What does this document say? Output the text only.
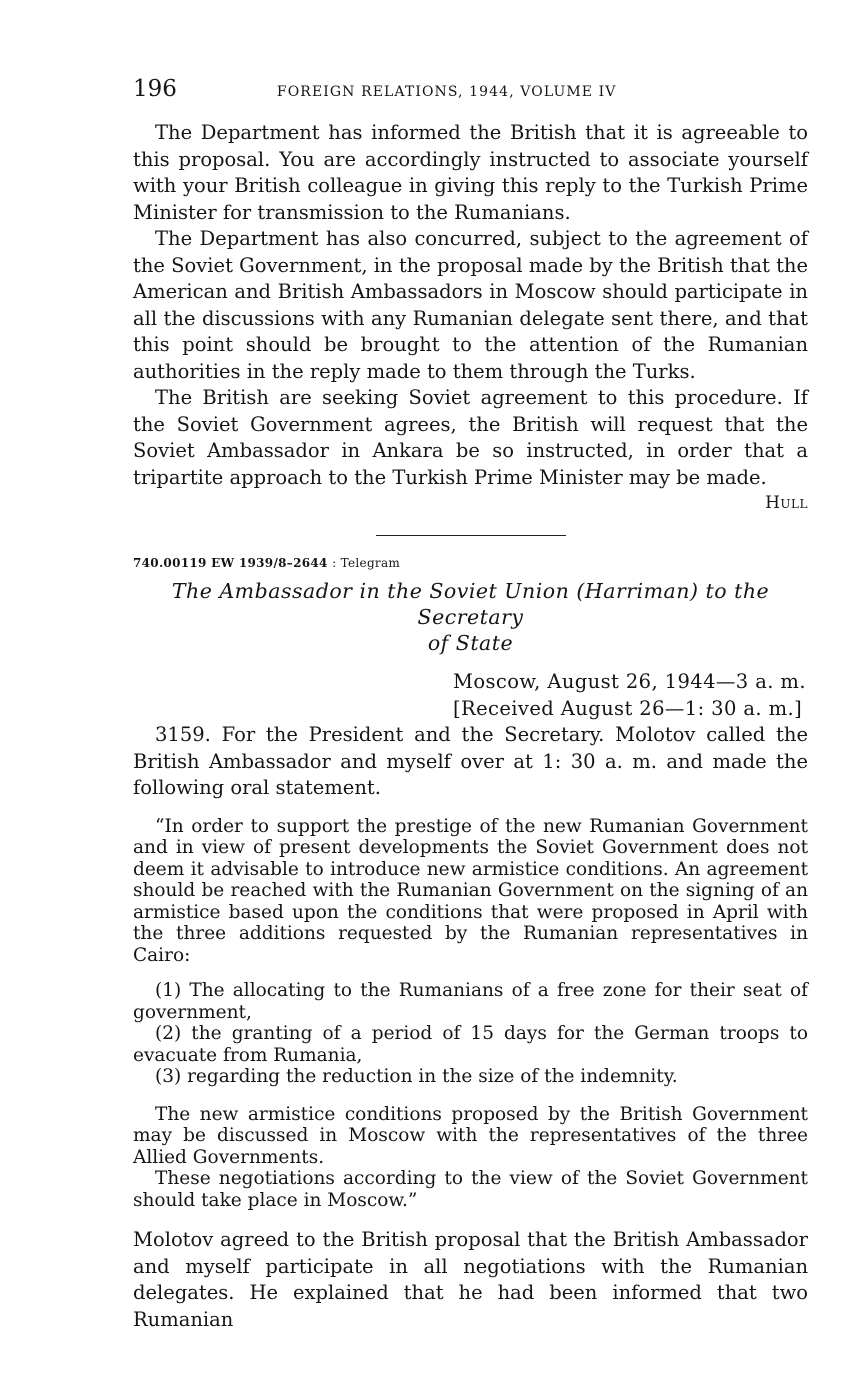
196	FOREIGN RELATIONS, 1944, VOLUME IV

The Department has informed the British that it is agreeable to this proposal. You are accordingly instructed to associate yourself with your British colleague in giving this reply to the Turkish Prime Minister for transmission to the Rumanians.

The Department has also concurred, subject to the agreement of the Soviet Government, in the proposal made by the British that the American and British Ambassadors in Moscow should participate in all the discussions with any Rumanian delegate sent there, and that this point should be brought to the attention of the Rumanian authorities in the reply made to them through the Turks.

The British are seeking Soviet agreement to this procedure. If the Soviet Government agrees, the British will request that the Soviet Ambassador in Ankara be so instructed, in order that a tripartite approach to the Turkish Prime Minister may be made.

Hull

740.00119 EW 1939/8–2644 : Telegram

The Ambassador in the Soviet Union (Harriman) to the Secretary
of State
Moscow, August 26, 1944—3 a. m.
[Received August 26—1: 30 a. m.]

3159. For the President and the Secretary. Molotov called the British Ambassador and myself over at 1: 30 a. m. and made the following oral statement.

“In order to support the prestige of the new Rumanian Government and in view of present developments the Soviet Government does not deem it advisable to introduce new armistice conditions. An agreement should be reached with the Rumanian Government on the signing of an armistice based upon the conditions that were proposed in April with the three additions requested by the Rumanian representatives in Cairo:

(1) The allocating to the Rumanians of a free zone for their seat of government,

(2) the granting of a period of 15 days for the German troops to evacuate from Rumania,

(3) regarding the reduction in the size of the indemnity.

The new armistice conditions proposed by the British Government may be discussed in Moscow with the representatives of the three Allied Governments.

These negotiations according to the view of the Soviet Government should take place in Moscow.”

Molotov agreed to the British proposal that the British Ambassador and myself participate in all negotiations with the Rumanian delegates. He explained that he had been informed that two Rumanian
